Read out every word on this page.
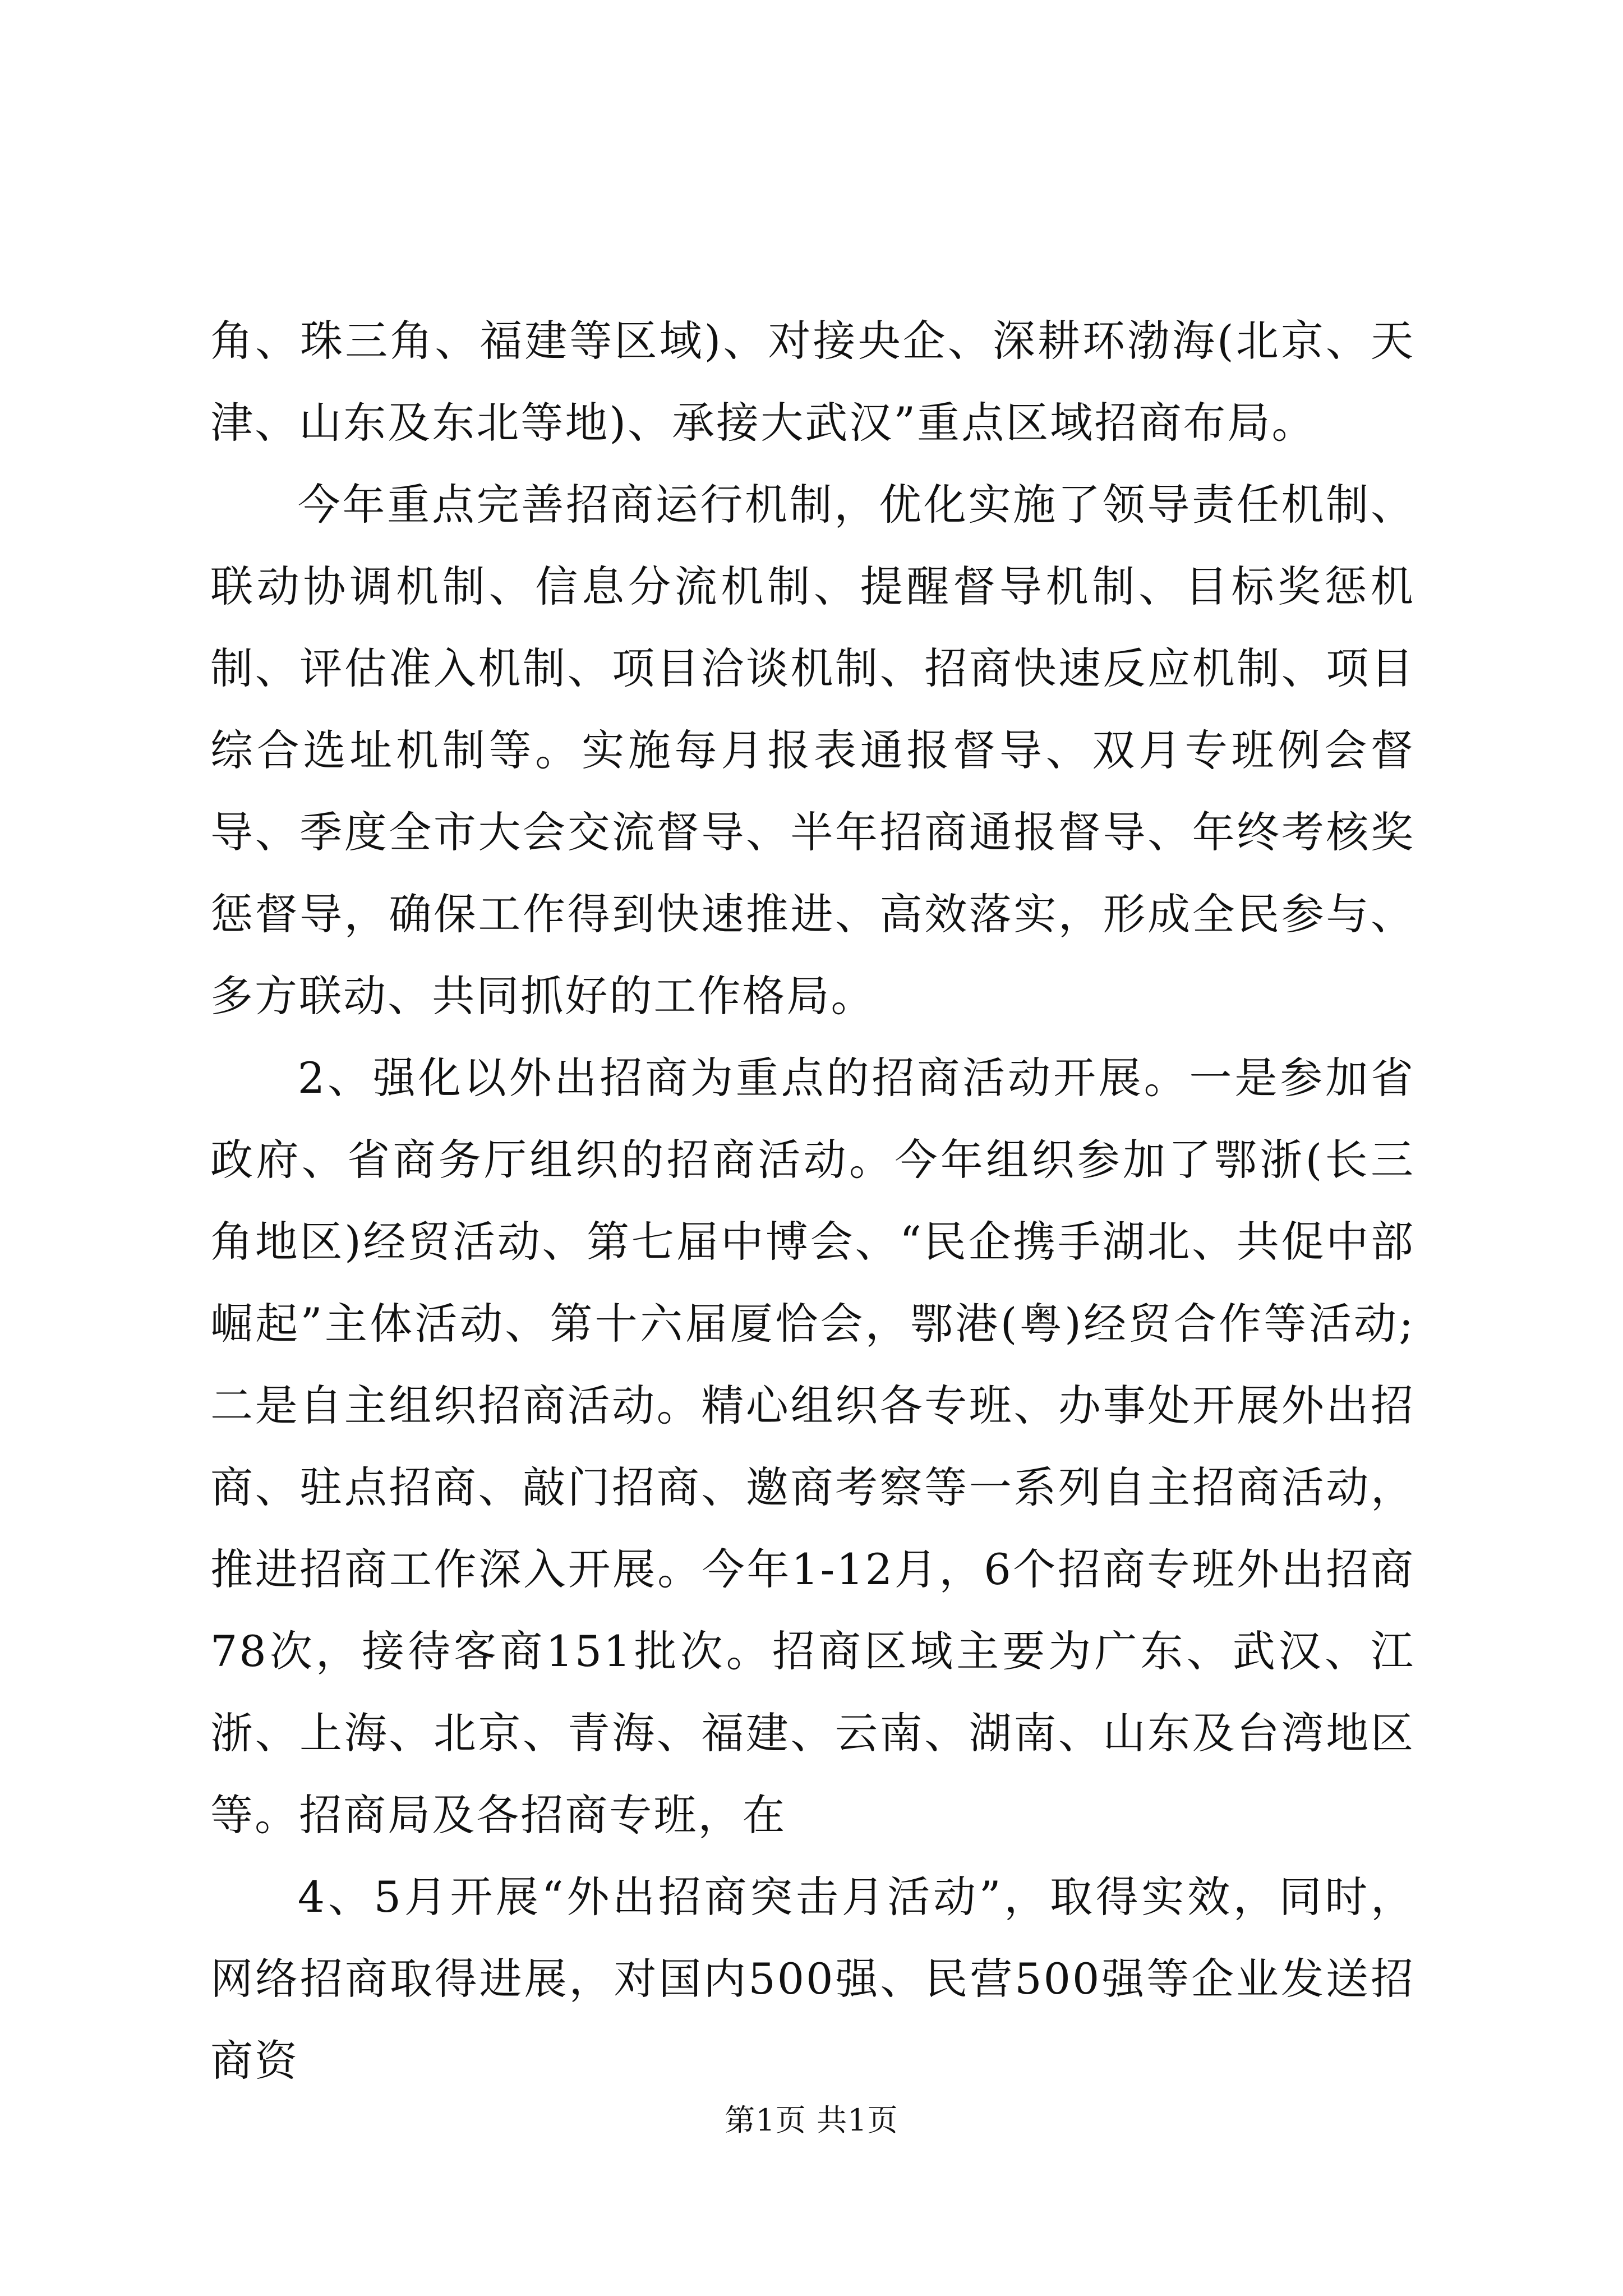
角、珠三角、福建等区域)、对接央企、深耕环渤海(北京、天津、山东及东北等地)、承接大武汉”重点区域招商布局。

今年重点完善招商运行机制，优化实施了领导责任机制、联动协调机制、信息分流机制、提醒督导机制、目标奖惩机制、评估准入机制、项目洽谈机制、招商快速反应机制、项目综合选址机制等。实施每月报表通报督导、双月专班例会督导、季度全市大会交流督导、半年招商通报督导、年终考核奖惩督导，确保工作得到快速推进、高效落实，形成全民参与、多方联动、共同抓好的工作格局。

2、强化以外出招商为重点的招商活动开展。一是参加省政府、省商务厅组织的招商活动。今年组织参加了鄂浙(长三角地区)经贸活动、第七届中博会、“民企携手湖北、共促中部崛起”主体活动、第十六届厦恰会，鄂港(粤)经贸合作等活动;二是自主组织招商活动。精心组织各专班、办事处开展外出招商、驻点招商、敲门招商、邀商考察等一系列自主招商活动，推进招商工作深入开展。今年1-12月，6个招商专班外出招商78次，接待客商151批次。招商区域主要为广东、武汉、江浙、上海、北京、青海、福建、云南、湖南、山东及台湾地区等。招商局及各招商专班，在

4、5月开展“外出招商突击月活动”，取得实效，同时，网络招商取得进展，对国内500强、民营500强等企业发送招商资

第1页 共1页
